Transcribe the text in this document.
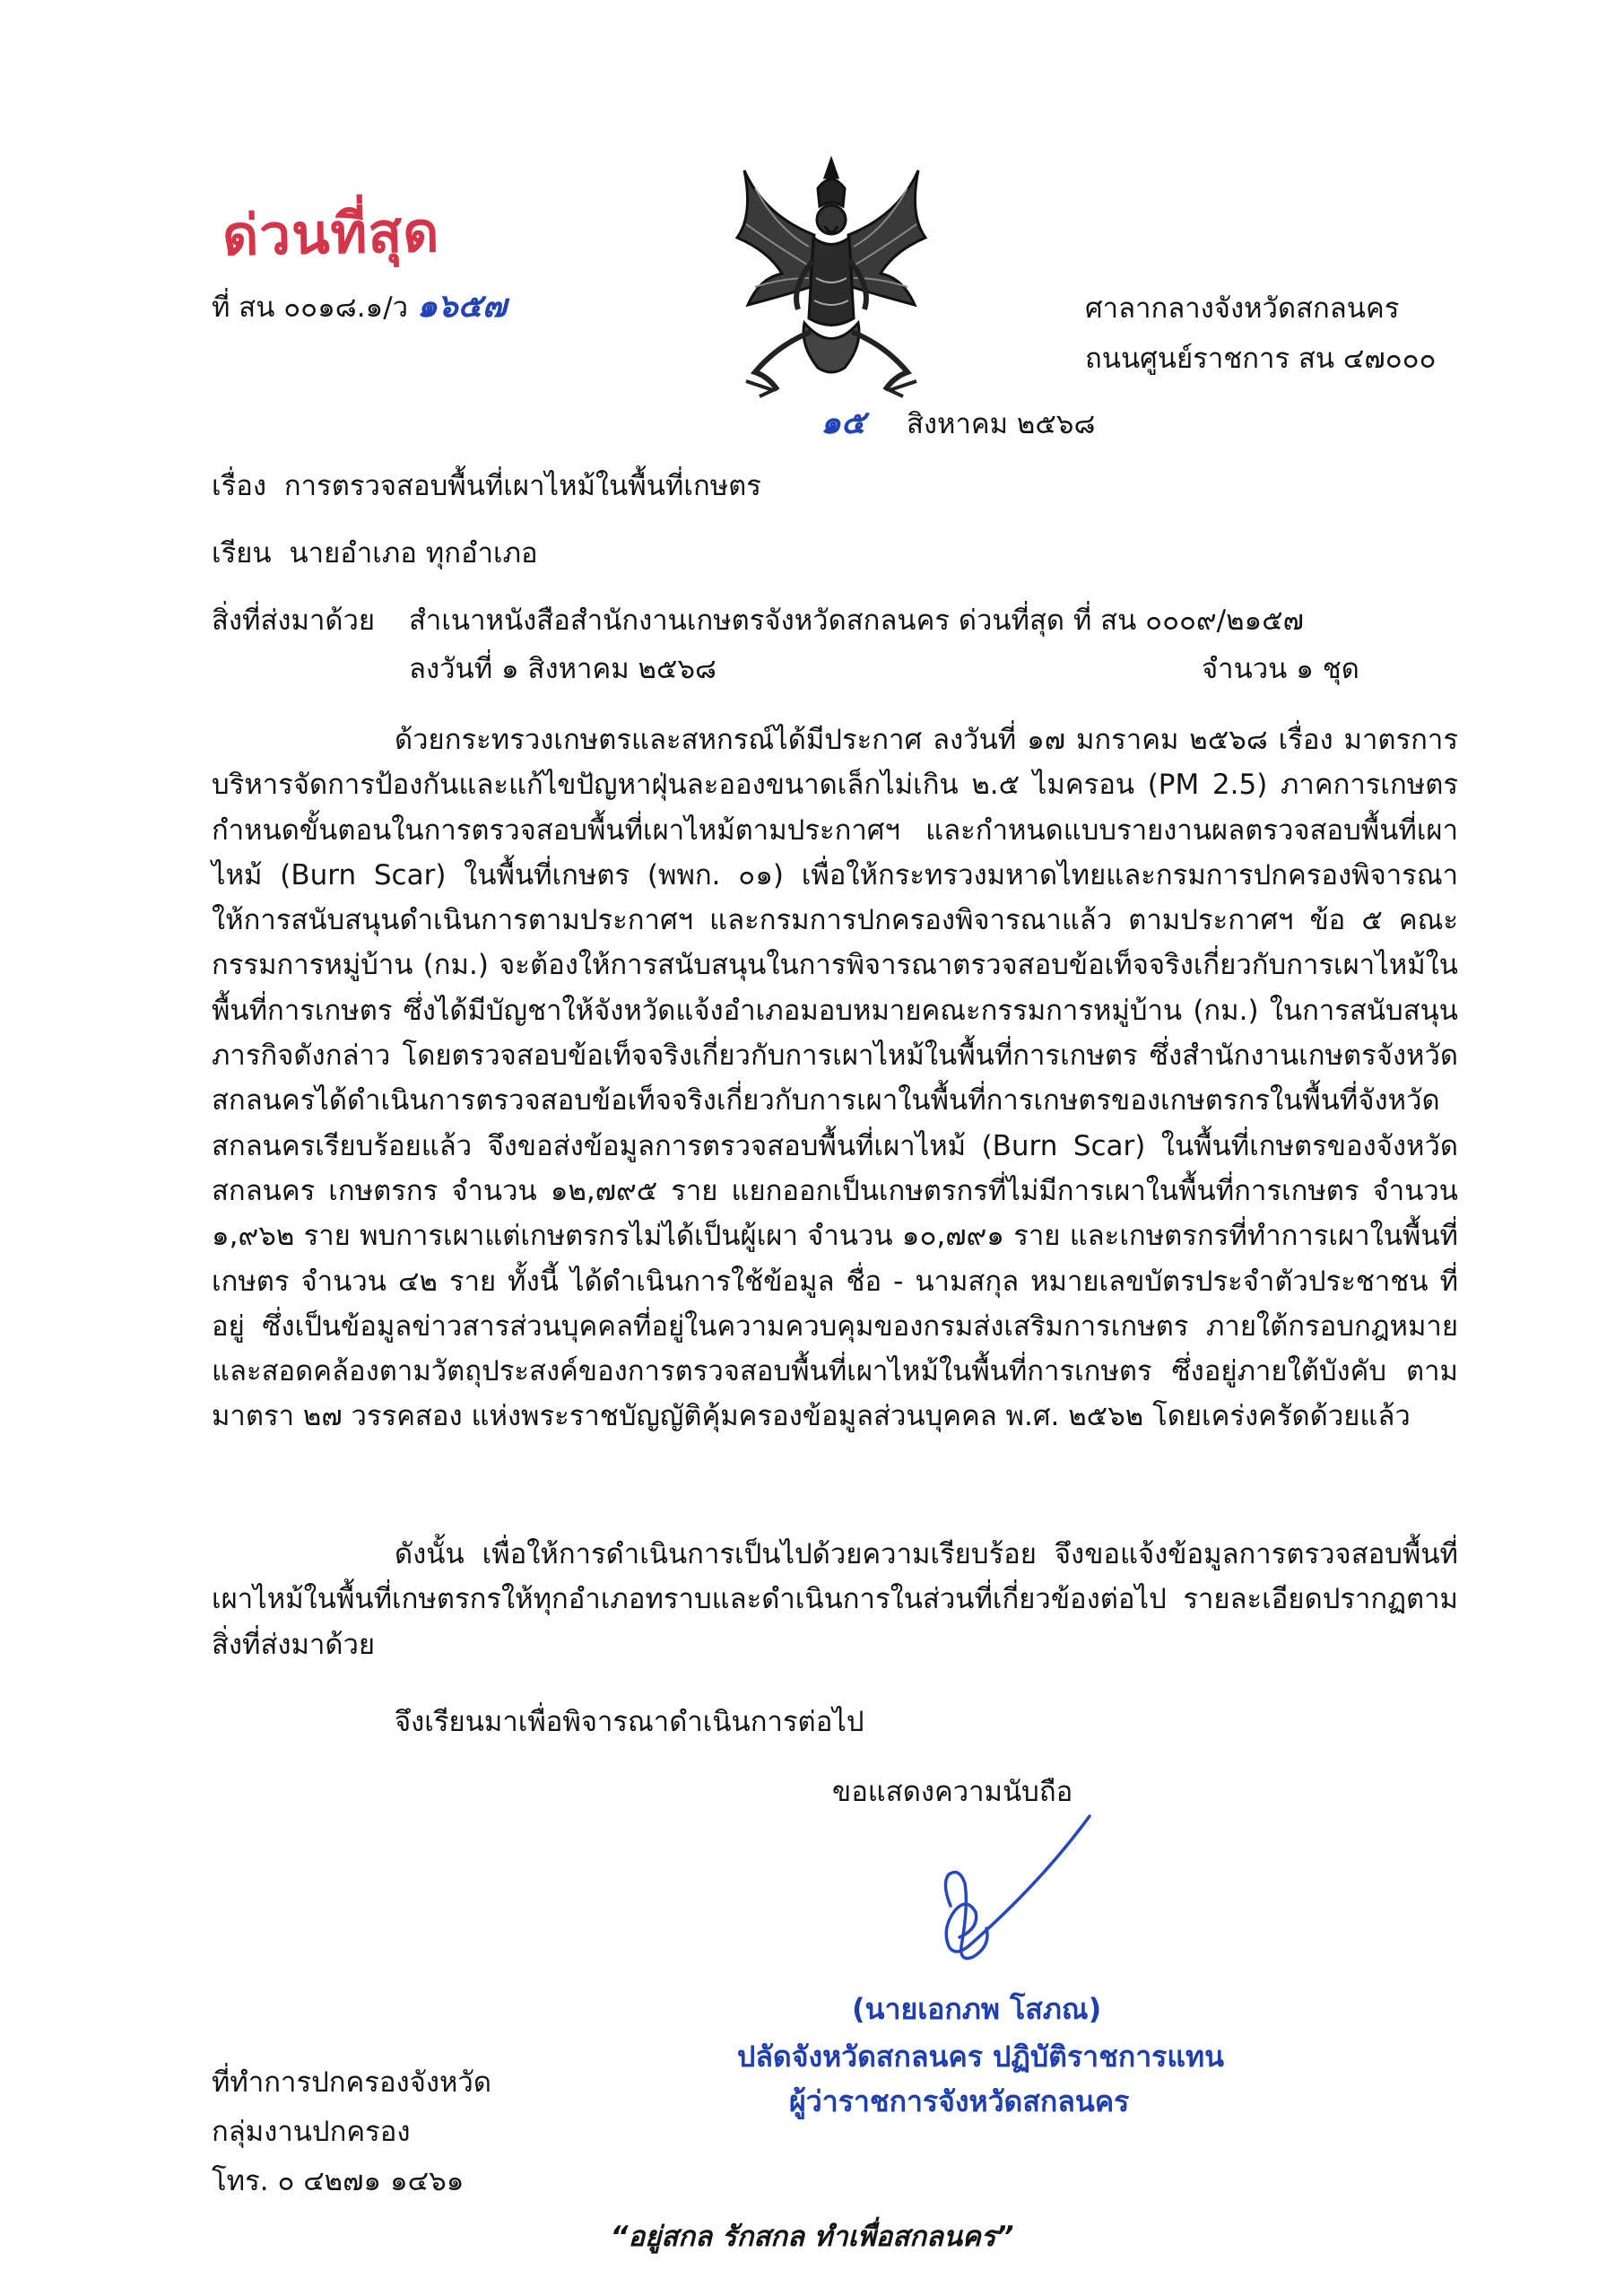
ด่วนที่สุด
ที่ สน ๐๐๑๘.๑/ว ๑๖๕๗	ศาลากลางจังหวัดสกลนคร
ถนนศูนย์ราชการ สน ๔๗๐๐๐
๑๕ สิงหาคม ๒๕๖๘
เรื่อง การตรวจสอบพื้นที่เผาไหม้ในพื้นที่เกษตร
เรียน นายอำเภอ ทุกอำเภอ
สิ่งที่ส่งมาด้วย สำเนาหนังสือสำนักงานเกษตรจังหวัดสกลนคร ด่วนที่สุด ที่ สน ๐๐๐๙/๒๑๕๗
ลงวันที่ ๑ สิงหาคม ๒๕๖๘	จำนวน ๑ ชุด
ด้วยกระทรวงเกษตรและสหกรณ์ได้มีประกาศ ลงวันที่ ๑๗ มกราคม ๒๕๖๘ เรื่อง มาตรการบริหารจัดการป้องกันและแก้ไขปัญหาฝุ่นละอองขนาดเล็กไม่เกิน ๒.๕ ไมครอน (PM 2.5) ภาคการเกษตร กำหนดขั้นตอนในการตรวจสอบพื้นที่เผาไหม้ตามประกาศฯ และกำหนดแบบรายงานผลตรวจสอบพื้นที่เผาไหม้ (Burn Scar) ในพื้นที่เกษตร (พพก. ๐๑) เพื่อให้กระทรวงมหาดไทยและกรมการปกครองพิจารณาให้การสนับสนุนดำเนินการตามประกาศฯ และกรมการปกครองพิจารณาแล้ว ตามประกาศฯ ข้อ ๕ คณะกรรมการหมู่บ้าน (กม.) จะต้องให้การสนับสนุนในการพิจารณาตรวจสอบข้อเท็จจริงเกี่ยวกับการเผาไหม้ในพื้นที่การเกษตร ซึ่งได้มีบัญชาให้จังหวัดแจ้งอำเภอมอบหมายคณะกรรมการหมู่บ้าน (กม.) ในการสนับสนุนภารกิจดังกล่าว โดยตรวจสอบข้อเท็จจริงเกี่ยวกับการเผาไหม้ในพื้นที่การเกษตร ซึ่งสำนักงานเกษตรจังหวัดสกลนครได้ดำเนินการตรวจสอบข้อเท็จจริงเกี่ยวกับการเผาในพื้นที่การเกษตรของเกษตรกรในพื้นที่จังหวัดสกลนครเรียบร้อยแล้ว จึงขอส่งข้อมูลการตรวจสอบพื้นที่เผาไหม้ (Burn Scar) ในพื้นที่เกษตรของจังหวัดสกลนคร เกษตรกร จำนวน ๑๒,๗๙๕ ราย แยกออกเป็นเกษตรกรที่ไม่มีการเผาในพื้นที่การเกษตร จำนวน ๑,๙๖๒ ราย พบการเผาแต่เกษตรกรไม่ได้เป็นผู้เผา จำนวน ๑๐,๗๙๑ ราย และเกษตรกรที่ทำการเผาในพื้นที่เกษตร จำนวน ๔๒ ราย ทั้งนี้ ได้ดำเนินการใช้ข้อมูล ชื่อ - นามสกุล หมายเลขบัตรประจำตัวประชาชน ที่อยู่ ซึ่งเป็นข้อมูลข่าวสารส่วนบุคคลที่อยู่ในความควบคุมของกรมส่งเสริมการเกษตร ภายใต้กรอบกฎหมาย และสอดคล้องตามวัตถุประสงค์ของการตรวจสอบพื้นที่เผาไหม้ในพื้นที่การเกษตร ซึ่งอยู่ภายใต้บังคับ ตามมาตรา ๒๗ วรรคสอง แห่งพระราชบัญญัติคุ้มครองข้อมูลส่วนบุคคล พ.ศ. ๒๕๖๒ โดยเคร่งครัดด้วยแล้ว
ดังนั้น เพื่อให้การดำเนินการเป็นไปด้วยความเรียบร้อย จึงขอแจ้งข้อมูลการตรวจสอบพื้นที่เผาไหม้ในพื้นที่เกษตรกรให้ทุกอำเภอทราบและดำเนินการในส่วนที่เกี่ยวข้องต่อไป รายละเอียดปรากฏตามสิ่งที่ส่งมาด้วย
จึงเรียนมาเพื่อพิจารณาดำเนินการต่อไป
ขอแสดงความนับถือ
(นายเอกภพ โสภณ)
ปลัดจังหวัดสกลนคร ปฏิบัติราชการแทน
ผู้ว่าราชการจังหวัดสกลนคร
ที่ทำการปกครองจังหวัด
กลุ่มงานปกครอง
โทร. ๐ ๔๒๗๑ ๑๔๖๑
“อยู่สกล รักสกล ทำเพื่อสกลนคร”
